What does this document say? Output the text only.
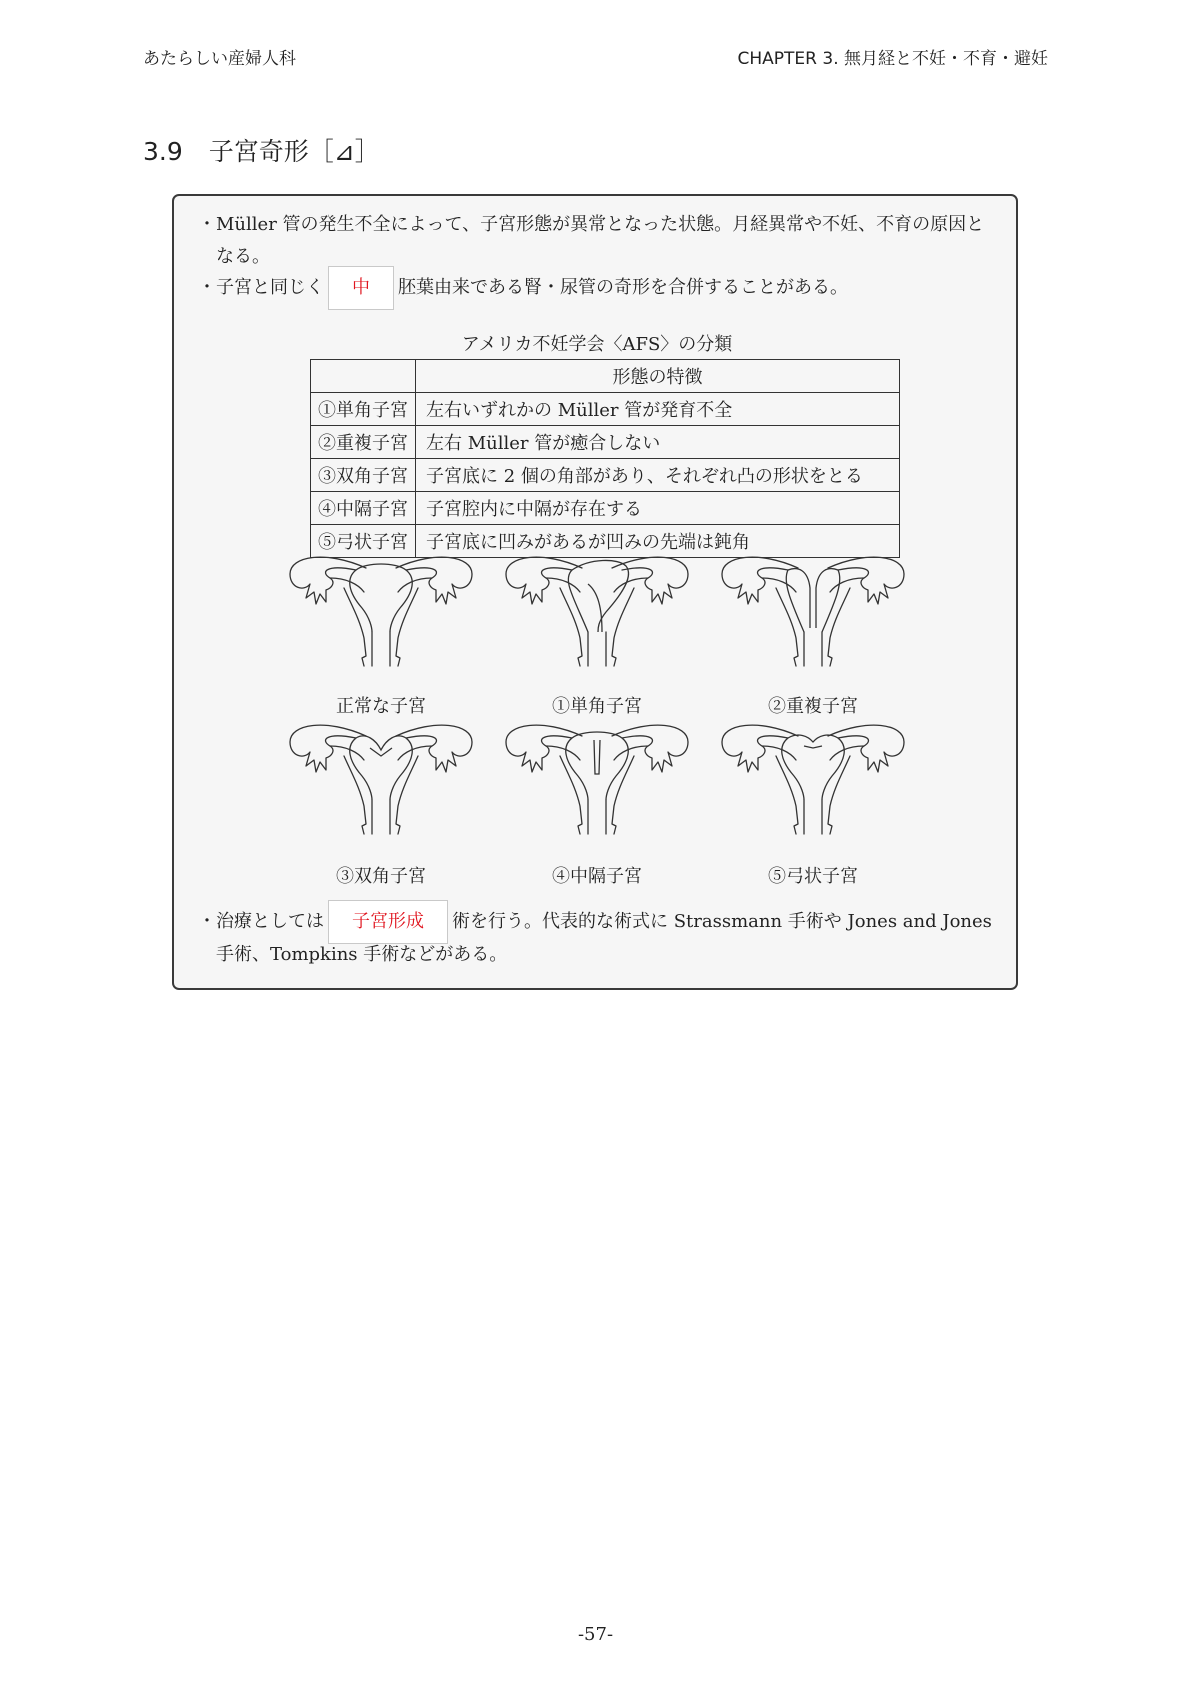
あたらしい産婦人科	CHAPTER 3. 無月経と不妊・不育・避妊
3.9 子宮奇形［⊿］
・Müller 管の発生不全によって、子宮形態が異常となった状態。月経異常や不妊、不育の原因と
なる。
・子宮と同じく 中 胚葉由来である腎・尿管の奇形を合併することがある。
アメリカ不妊学会〈AFS〉の分類
	形態の特徴
①単角子宮	左右いずれかの Müller 管が発育不全
②重複子宮	左右 Müller 管が癒合しない
③双角子宮	子宮底に 2 個の角部があり、それぞれ凸の形状をとる
④中隔子宮	子宮腔内に中隔が存在する
⑤弓状子宮	子宮底に凹みがあるが凹みの先端は鈍角
正常な子宮	①単角子宮	②重複子宮
③双角子宮	④中隔子宮	⑤弓状子宮
・治療としては 子宮形成 術を行う。代表的な術式に Strassmann 手術や Jones and Jones
手術、Tompkins 手術などがある。
-57-
